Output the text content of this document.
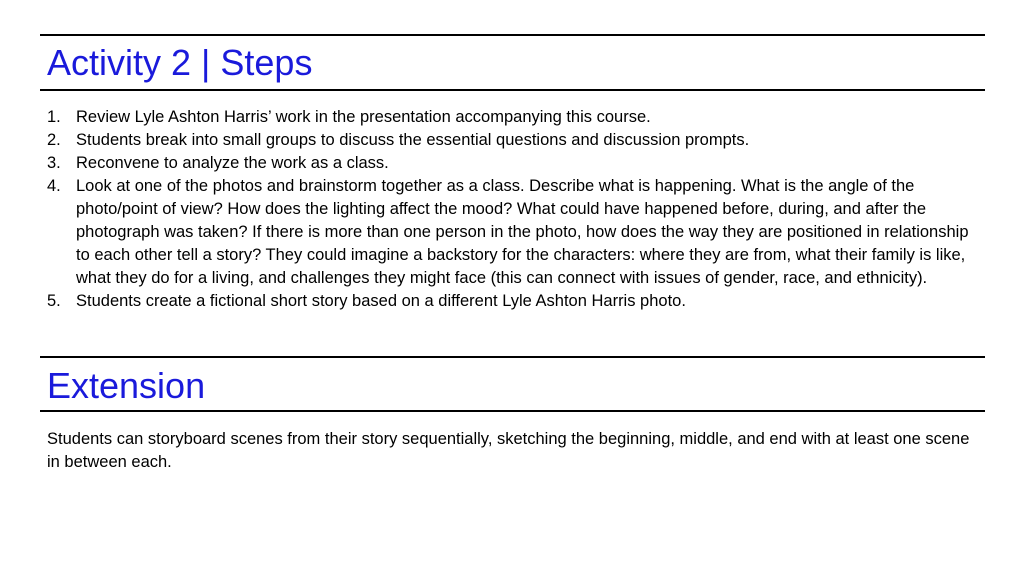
Activity 2 | Steps
1. Review Lyle Ashton Harris’ work in the presentation accompanying this course.
2. Students break into small groups to discuss the essential questions and discussion prompts.
3. Reconvene to analyze the work as a class.
4. Look at one of the photos and brainstorm together as a class. Describe what is happening. What is the angle of the photo/point of view? How does the lighting affect the mood? What could have happened before, during, and after the photograph was taken? If there is more than one person in the photo, how does the way they are positioned in relationship to each other tell a story? They could imagine a backstory for the characters: where they are from, what their family is like, what they do for a living, and challenges they might face (this can connect with issues of gender, race, and ethnicity).
5. Students create a fictional short story based on a different Lyle Ashton Harris photo.
Extension

Students can storyboard scenes from their story sequentially, sketching the beginning, middle, and end with at least one scene in between each.
